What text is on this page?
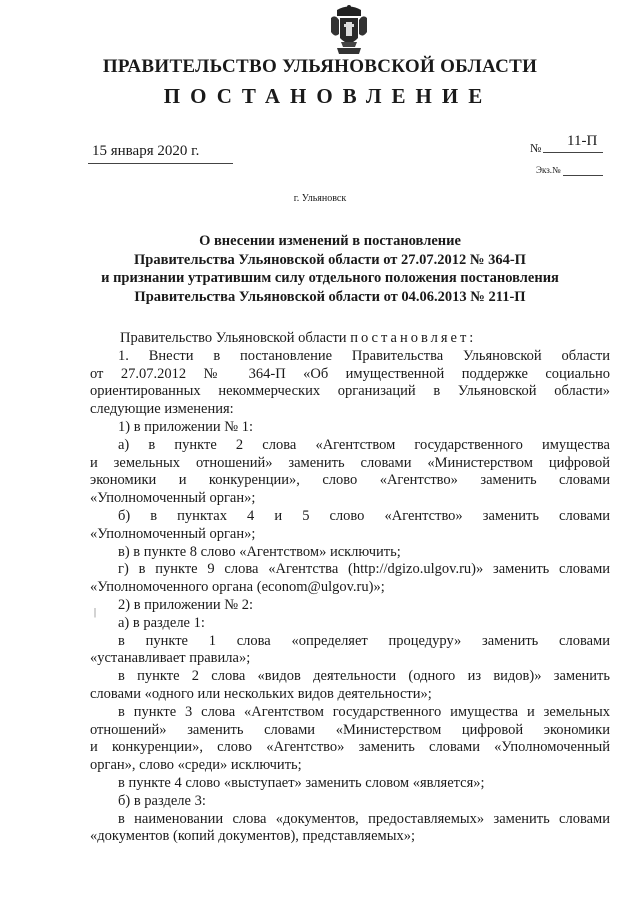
ПРАВИТЕЛЬСТВО УЛЬЯНОВСКОЙ ОБЛАСТИ
ПОСТАНОВЛЕНИЕ
15 января 2020 г.	№ 11-П
Экз.№
г. Ульяновск
О внесении изменений в постановление
Правительства Ульяновской области от 27.07.2012 № 364-П
и признании утратившим силу отдельного положения постановления
Правительства Ульяновской области от 04.06.2013 № 211-П
|

Правительство Ульяновской области постановляет:

1. Внести в постановление Правительства Ульяновской области

от 27.07.2012 № 364-П «Об имущественной поддержке социально

ориентированных некоммерческих организаций в Ульяновской области»

следующие изменения:

1) в приложении № 1:

а) в пункте 2 слова «Агентством государственного имущества

и земельных отношений» заменить словами «Министерством цифровой

экономики и конкуренции», слово «Агентство» заменить словами

«Уполномоченный орган»;

б) в пунктах 4 и 5 слово «Агентство» заменить словами

«Уполномоченный орган»;

в) в пункте 8 слово «Агентством» исключить;

г) в пункте 9 слова «Агентства (http://dgizo.ulgov.ru)» заменить словами

«Уполномоченного органа (econom@ulgov.ru)»;

2) в приложении № 2:

а) в разделе 1:

в пункте 1 слова «определяет процедуру» заменить словами

«устанавливает правила»;

в пункте 2 слова «видов деятельности (одного из видов)» заменить

словами «одного или нескольких видов деятельности»;

в пункте 3 слова «Агентством государственного имущества и земельных

отношений» заменить словами «Министерством цифровой экономики

и конкуренции», слово «Агентство» заменить словами «Уполномоченный

орган», слово «среди» исключить;

в пункте 4 слово «выступает» заменить словом «является»;

б) в разделе 3:

в наименовании слова «документов, предоставляемых» заменить словами

«документов (копий документов), представляемых»;
